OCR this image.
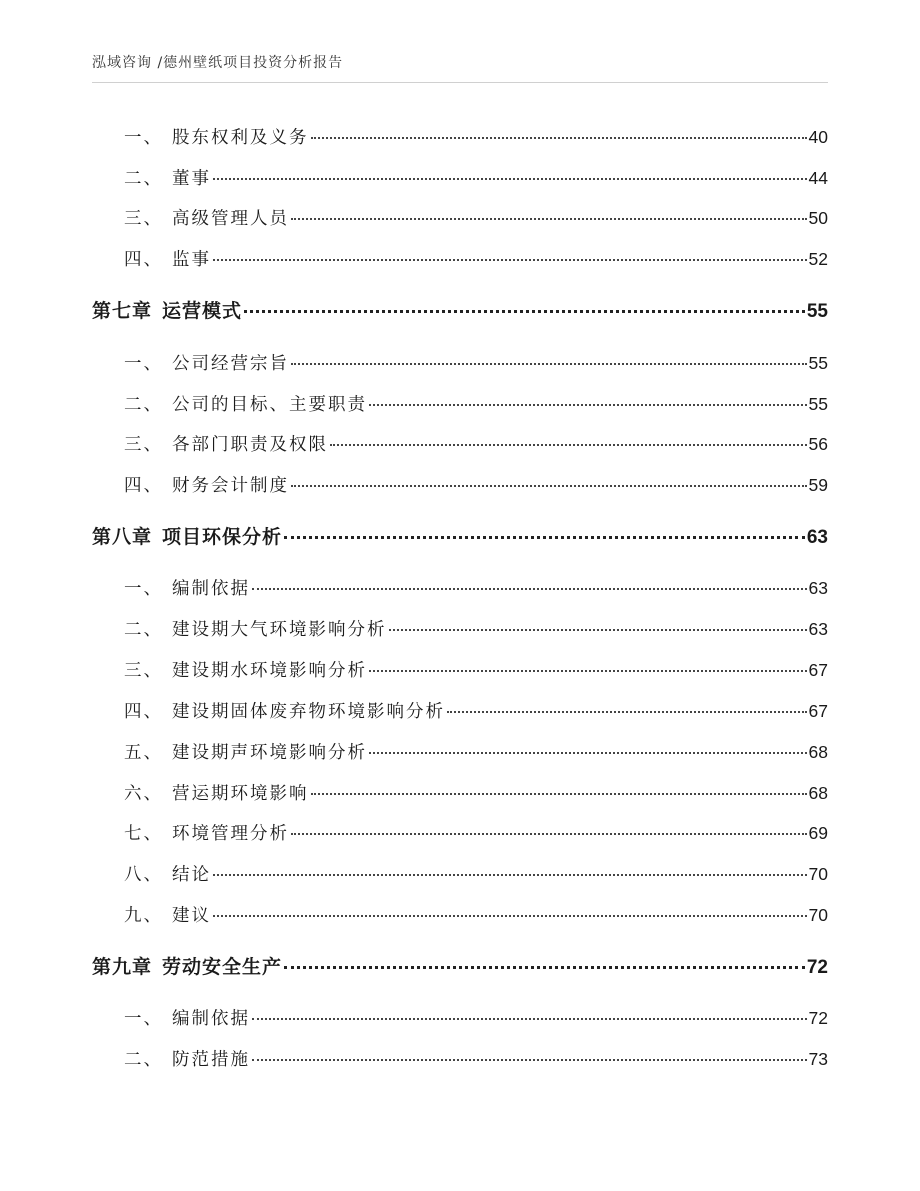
泓域咨询 /德州壁纸项目投资分析报告
一、 股东权利及义务	40
二、 董事	44
三、 高级管理人员	50
四、 监事	52
第七章 运营模式	55
一、 公司经营宗旨	55
二、 公司的目标、主要职责	55
三、 各部门职责及权限	56
四、 财务会计制度	59
第八章 项目环保分析	63
一、 编制依据	63
二、 建设期大气环境影响分析	63
三、 建设期水环境影响分析	67
四、 建设期固体废弃物环境影响分析	67
五、 建设期声环境影响分析	68
六、 营运期环境影响	68
七、 环境管理分析	69
八、 结论	70
九、 建议	70
第九章 劳动安全生产	72
一、 编制依据	72
二、 防范措施	73
